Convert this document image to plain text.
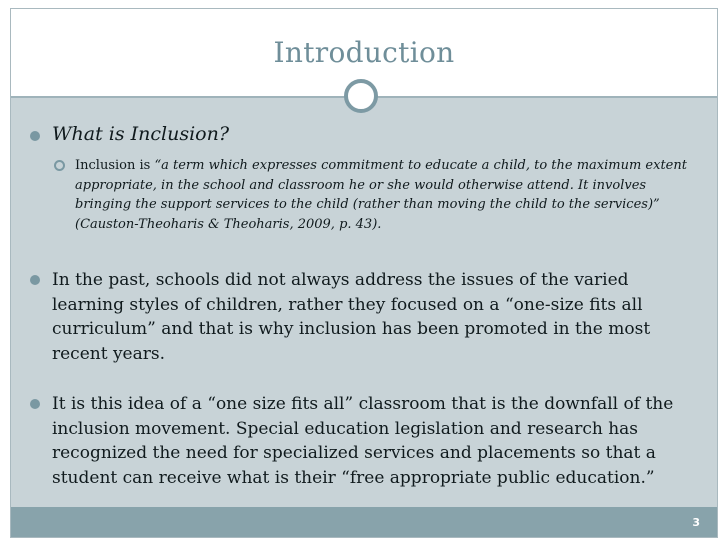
Introduction
What is Inclusion?
Inclusion is “a term which expresses commitment to educate a child, to the maximum extent appropriate, in the school and classroom he or she would otherwise attend. It involves bringing the support services to the child (rather than moving the child to the services)” (Causton-Theoharis & Theoharis, 2009, p. 43).
In the past, schools did not always address the issues of the varied learning styles of children, rather they focused on a “one-size fits all curriculum” and that is why inclusion has been promoted in the most recent years.
It is this idea of a “one size fits all” classroom that is the downfall of the inclusion movement. Special education legislation and research has recognized the need for specialized services and placements so that a student can receive what is their “free appropriate public education.”
3
